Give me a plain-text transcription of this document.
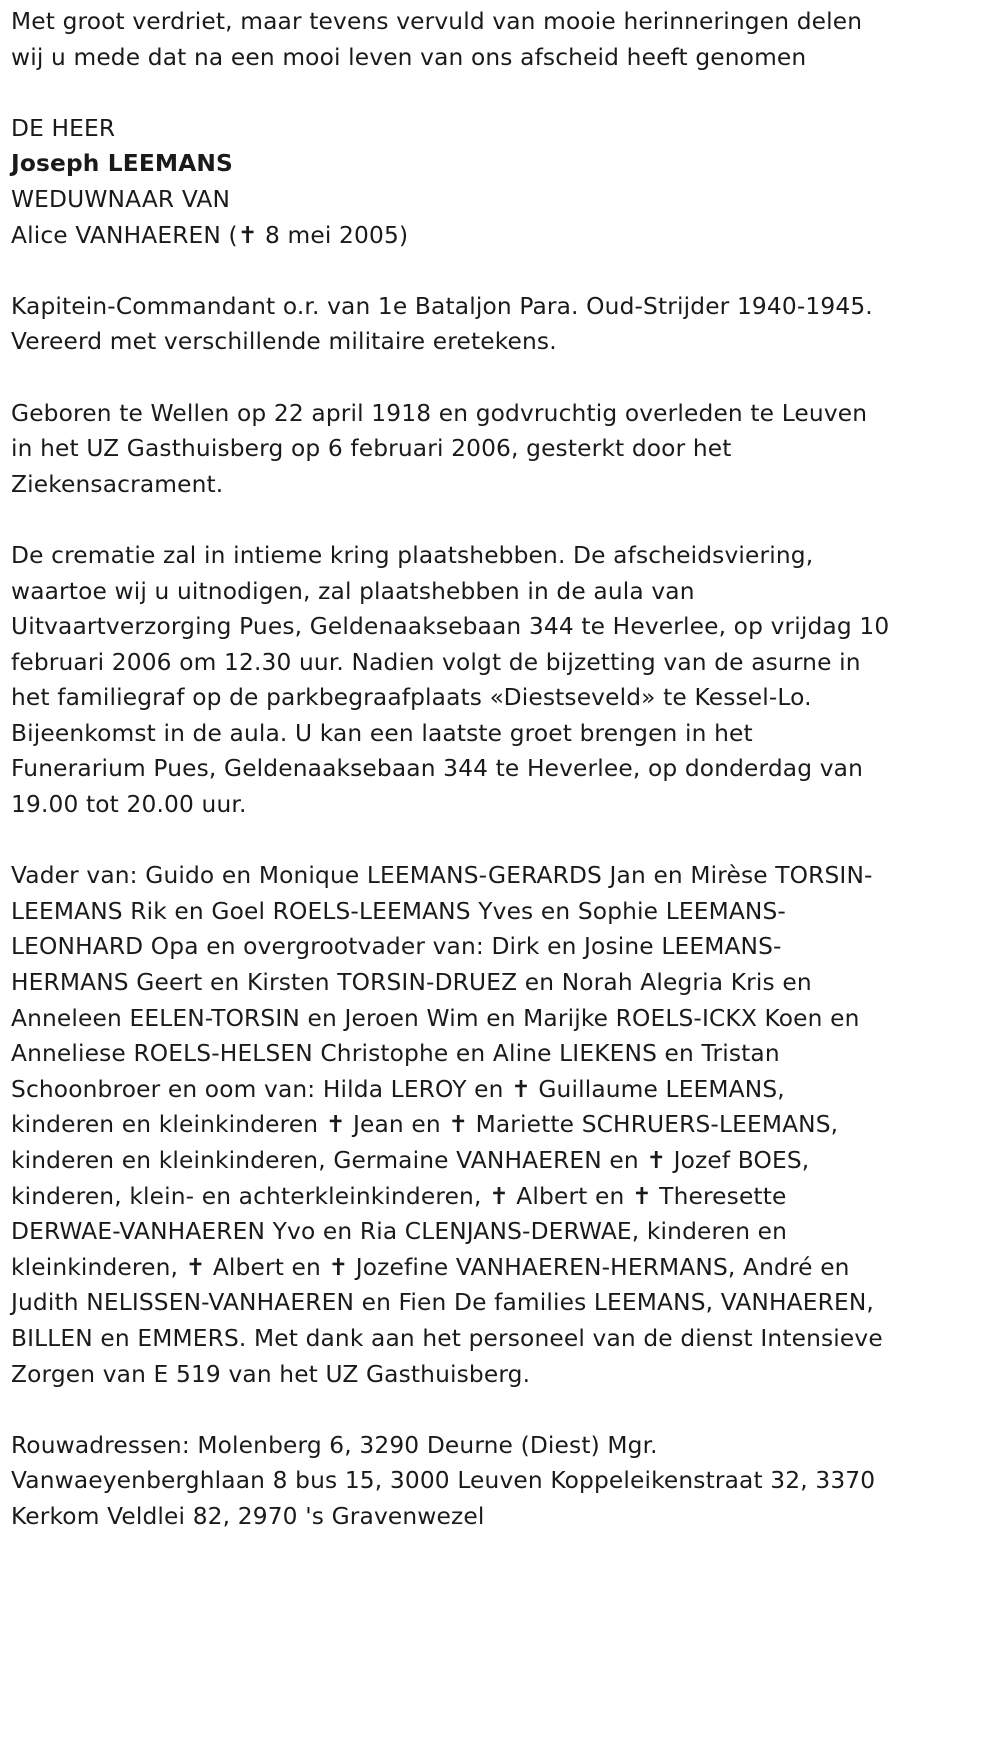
Met groot verdriet, maar tevens vervuld van mooie herinneringen delen
wij u mede dat na een mooi leven van ons afscheid heeft genomen
DE HEER
Joseph LEEMANS
WEDUWNAAR VAN
Alice VANHAEREN (✝ 8 mei 2005)
Kapitein-Commandant o.r. van 1e Bataljon Para. Oud-Strijder 1940-1945.
Vereerd met verschillende militaire eretekens.
Geboren te Wellen op 22 april 1918 en godvruchtig overleden te Leuven
in het UZ Gasthuisberg op 6 februari 2006, gesterkt door het
Ziekensacrament.
De crematie zal in intieme kring plaatshebben. De afscheidsviering,
waartoe wij u uitnodigen, zal plaatshebben in de aula van
Uitvaartverzorging Pues, Geldenaaksebaan 344 te Heverlee, op vrijdag 10
februari 2006 om 12.30 uur. Nadien volgt de bijzetting van de asurne in
het familiegraf op de parkbegraafplaats «Diestseveld» te Kessel-Lo.
Bijeenkomst in de aula. U kan een laatste groet brengen in het
Funerarium Pues, Geldenaaksebaan 344 te Heverlee, op donderdag van
19.00 tot 20.00 uur.
Vader van: Guido en Monique LEEMANS-GERARDS Jan en Mirèse TORSIN-
LEEMANS Rik en Goel ROELS-LEEMANS Yves en Sophie LEEMANS-
LEONHARD Opa en overgrootvader van: Dirk en Josine LEEMANS-
HERMANS Geert en Kirsten TORSIN-DRUEZ en Norah Alegria Kris en
Anneleen EELEN-TORSIN en Jeroen Wim en Marijke ROELS-ICKX Koen en
Anneliese ROELS-HELSEN Christophe en Aline LIEKENS en Tristan
Schoonbroer en oom van: Hilda LEROY en ✝ Guillaume LEEMANS,
kinderen en kleinkinderen ✝ Jean en ✝ Mariette SCHRUERS-LEEMANS,
kinderen en kleinkinderen, Germaine VANHAEREN en ✝ Jozef BOES,
kinderen, klein- en achterkleinkinderen, ✝ Albert en ✝ Theresette
DERWAE-VANHAEREN Yvo en Ria CLENJANS-DERWAE, kinderen en
kleinkinderen, ✝ Albert en ✝ Jozefine VANHAEREN-HERMANS, André en
Judith NELISSEN-VANHAEREN en Fien De families LEEMANS, VANHAEREN,
BILLEN en EMMERS. Met dank aan het personeel van de dienst Intensieve
Zorgen van E 519 van het UZ Gasthuisberg.
Rouwadressen: Molenberg 6, 3290 Deurne (Diest) Mgr.
Vanwaeyenberghlaan 8 bus 15, 3000 Leuven Koppeleikenstraat 32, 3370
Kerkom Veldlei 82, 2970 's Gravenwezel
